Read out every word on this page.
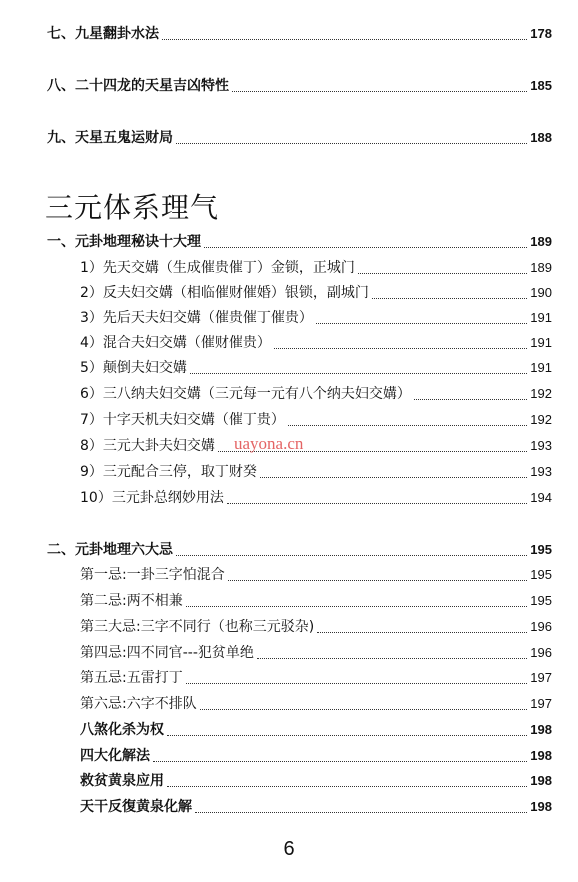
七、九星翻卦水法	178
八、二十四龙的天星吉凶特性	185
九、天星五鬼运财局	188
三元体系理气
一、元卦地理秘诀十大理	189
1）先天交媾（生成催贵催丁）金锁，正城门	189
2）反夫妇交媾（相临催财催婚）银锁，副城门	190
3）先后天夫妇交媾（催贵催丁催贵）	191
4）混合夫妇交媾（催财催贵）	191
5）颠倒夫妇交媾	191
6）三八纳夫妇交媾（三元每一元有八个纳夫妇交媾）	192
7）十字天机夫妇交媾（催丁贵）	192
8）三元大卦夫妇交媾	193
9）三元配合三停，取丁财癸	193
10）三元卦总纲妙用法	194
二、元卦地理六大忌	195
第一忌:一卦三字怕混合	195
第二忌:两不相兼	195
第三大忌:三字不同行（也称三元驳杂)	196
第四忌:四不同官---犯贫单绝	196
第五忌:五雷打丁	197
第六忌:六字不排队	197
八煞化杀为权	198
四大化解法	198
救贫黄泉应用	198
天干反復黄泉化解	198
uayona.cn
6
